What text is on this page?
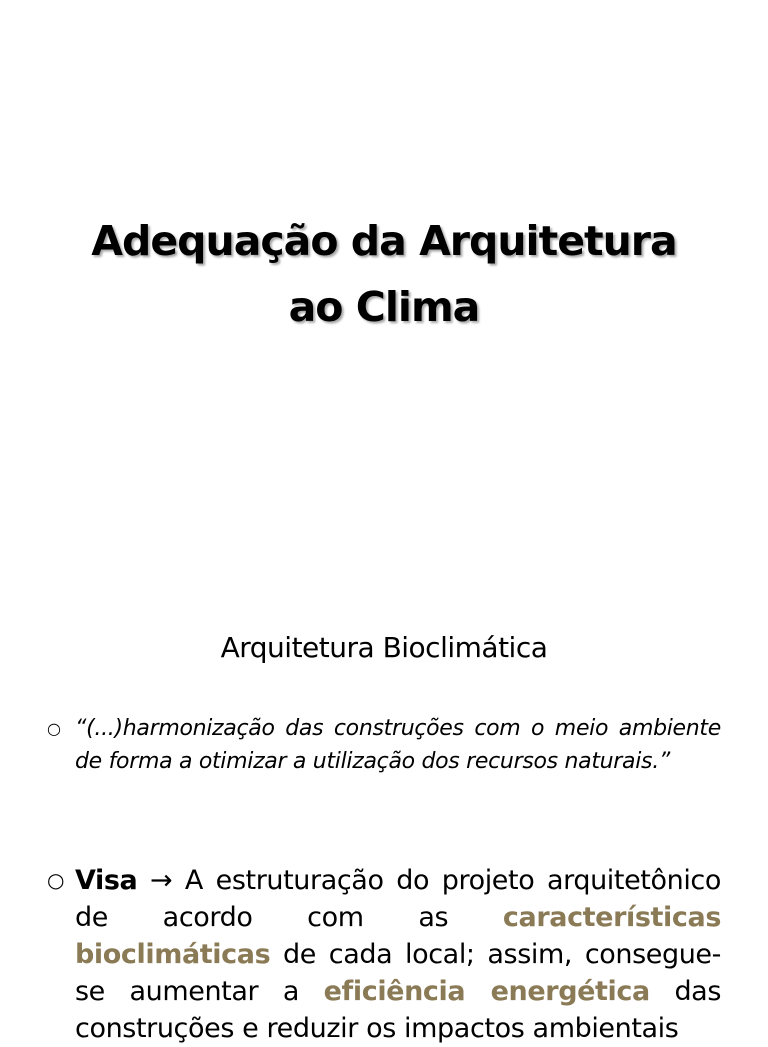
Adequação da Arquitetura
ao Clima
Arquitetura Bioclimática
○ “(...)harmonização das construções com o meio ambiente de forma a otimizar a utilização dos recursos naturais.”
○ Visa → A estruturação do projeto arquitetônico de acordo com as características bioclimáticas de cada local; assim, consegue-se aumentar a eficiência energética das construções e reduzir os impactos ambientais
